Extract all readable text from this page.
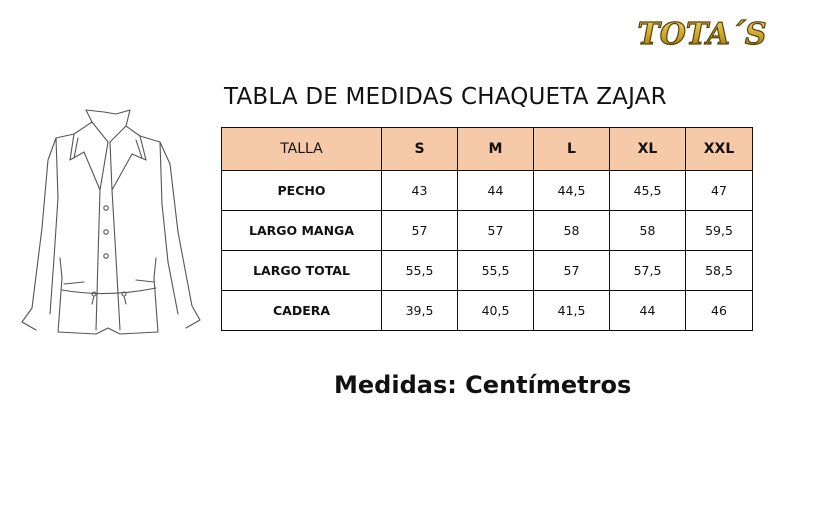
TOTA´S
TABLA DE MEDIDAS CHAQUETA ZAJAR
TALLA	S	M	L	XL	XXL
PECHO	43	44	44,5	45,5	47
LARGO MANGA	57	57	58	58	59,5
LARGO TOTAL	55,5	55,5	57	57,5	58,5
CADERA	39,5	40,5	41,5	44	46

Medidas: Centímetros
